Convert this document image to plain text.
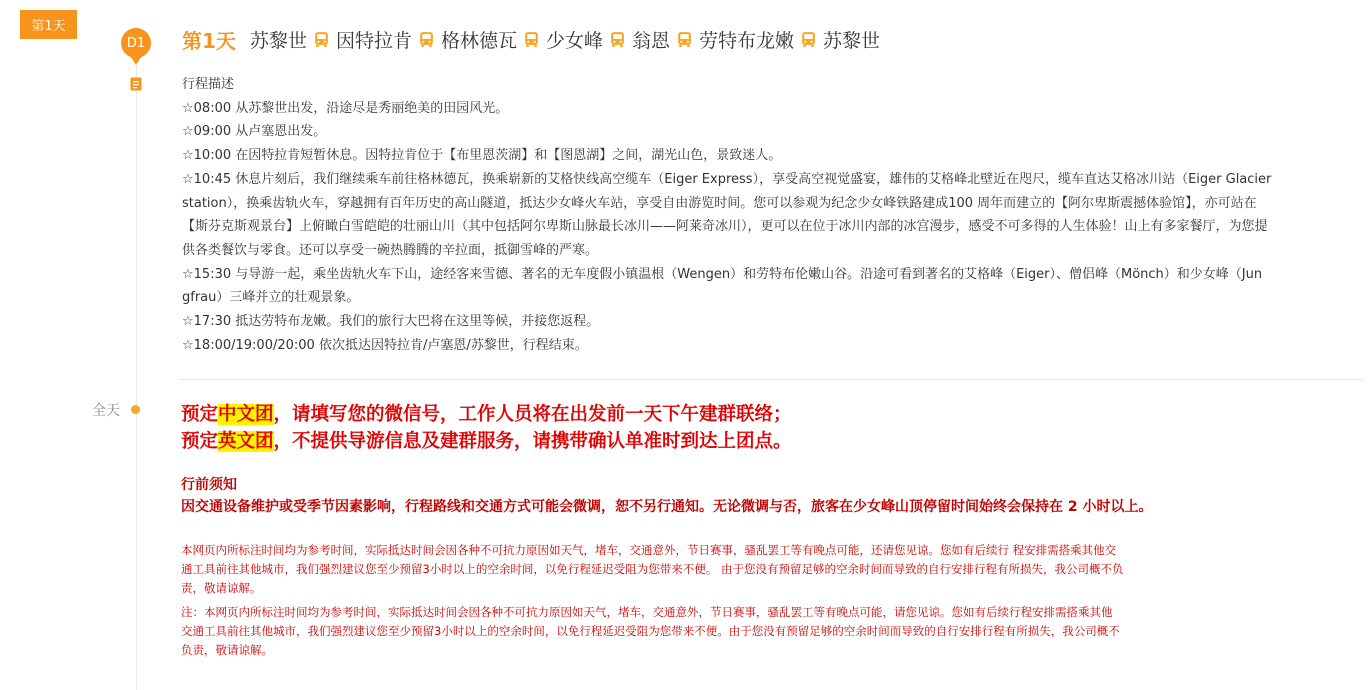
第1天
D1 第1天 苏黎世 因特拉肯 格林德瓦 少女峰 翁恩 劳特布龙嫩 苏黎世
行程描述
☆08:00 从苏黎世出发，沿途尽是秀丽绝美的田园风光。
☆09:00 从卢塞恩出发。
☆10:00 在因特拉肯短暂休息。因特拉肯位于【布里恩茨湖】和【图恩湖】之间，湖光山色，景致迷人。
☆10:45 休息片刻后，我们继续乘车前往格林德瓦，换乘崭新的艾格快线高空缆车（Eiger Express），享受高空视觉盛宴，雄伟的艾格峰北壁近在咫尺，缆车直达艾格冰川站（Eiger Glacier
station），换乘齿轨火车，穿越拥有百年历史的高山隧道，抵达少女峰火车站，享受自由游览时间。您可以参观为纪念少女峰铁路建成100 周年而建立的【阿尔卑斯震撼体验馆】，亦可站在
【斯芬克斯观景台】上俯瞰白雪皑皑的壮丽山川（其中包括阿尔卑斯山脉最长冰川——阿莱奇冰川），更可以在位于冰川内部的冰宫漫步，感受不可多得的人生体验！山上有多家餐厅，为您提
供各类餐饮与零食。还可以享受一碗热腾腾的辛拉面，抵御雪峰的严寒。
☆15:30 与导游一起，乘坐齿轨火车下山，途经客来雪德、著名的无车度假小镇温根（Wengen）和劳特布伦嫩山谷。沿途可看到著名的艾格峰（Eiger）、僧侣峰（Mönch）和少女峰（Jun
gfrau）三峰并立的壮观景象。
☆17:30 抵达劳特布龙嫩。我们的旅行大巴将在这里等候，并接您返程。
☆18:00/19:00/20:00 依次抵达因特拉肯/卢塞恩/苏黎世，行程结束。
全天	预定中文团，请填写您的微信号，工作人员将在出发前一天下午建群联络；
预定英文团，不提供导游信息及建群服务，请携带确认单准时到达上团点。
行前须知
因交通设备维护或受季节因素影响，行程路线和交通方式可能会微调，恕不另行通知。无论微调与否，旅客在少女峰山顶停留时间始终会保持在 2 小时以上。
本网页内所标注时间均为参考时间，实际抵达时间会因各种不可抗力原因如天气，堵车，交通意外，节日赛事，骚乱罢工等有晚点可能，还请您见谅。您如有后续行 程安排需搭乘其他交
通工具前往其他城市，我们强烈建议您至少预留3小时以上的空余时间，以免行程延迟受阻为您带来不便。 由于您没有预留足够的空余时间而导致的自行安排行程有所损失，我公司概不负
责，敬请谅解。
注：本网页内所标注时间均为参考时间，实际抵达时间会因各种不可抗力原因如天气，堵车，交通意外，节日赛事，骚乱罢工等有晚点可能，请您见谅。您如有后续行程安排需搭乘其他
交通工具前往其他城市，我们强烈建议您至少预留3小时以上的空余时间，以免行程延迟受阻为您带来不便。由于您没有预留足够的空余时间而导致的自行安排行程有所损失，我公司概不
负责，敬请谅解。
